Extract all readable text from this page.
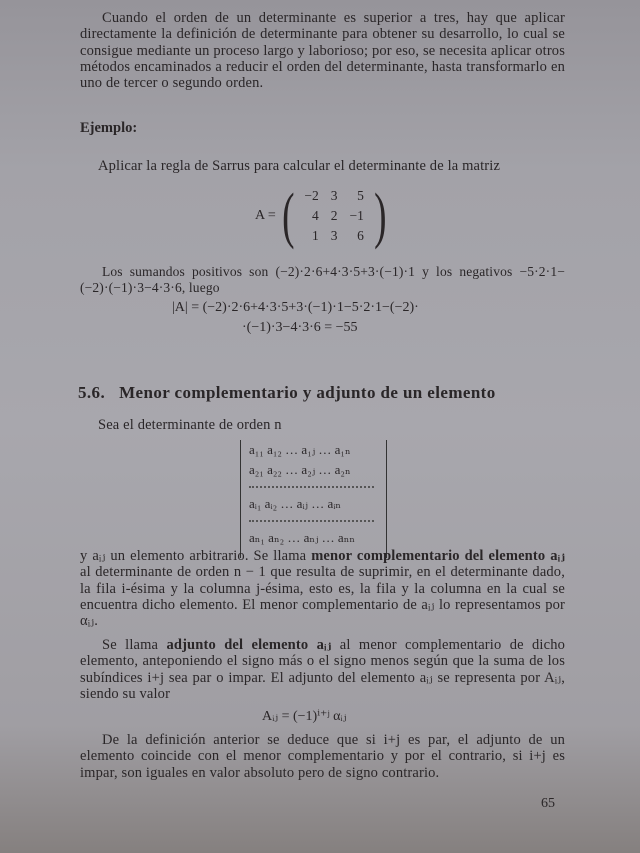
Cuando el orden de un determinante es superior a tres, hay que aplicar directamente la definición de determinante para obtener su desarrollo, lo cual se consigue mediante un proceso largo y laborioso; por eso, se necesita aplicar otros métodos encaminados a reducir el orden del determinante, hasta transformarlo en uno de tercer o segundo orden.
Ejemplo:
Aplicar la regla de Sarrus para calcular el determinante de la matriz
A = ( −2	3	5
4	2	−1
1	3	6 )
Los sumandos positivos son (−2)·2·6+4·3·5+3·(−1)·1 y los negativos −5·2·1−(−2)·(−1)·3−4·3·6, luego
|A| = (−2)·2·6+4·3·5+3·(−1)·1−5·2·1−(−2)·
·(−1)·3−4·3·6 = −55
5.6. Menor complementario y adjunto de un elemento
Sea el determinante de orden n
a₁₁ a₁₂ … a₁ⱼ … a₁ₙ
a₂₁ a₂₂ … a₂ⱼ … a₂ₙ
aᵢ₁ aᵢ₂ … aᵢⱼ … aᵢₙ
aₙ₁ aₙ₂ … aₙⱼ … aₙₙ
y aᵢⱼ un elemento arbitrario. Se llama menor complementario del elemento aᵢⱼ al determinante de orden n − 1 que resulta de suprimir, en el determinante dado, la fila i-ésima y la columna j-ésima, esto es, la fila y la columna en la cual se encuentra dicho elemento. El menor complementario de aᵢⱼ lo representamos por αᵢⱼ.
Se llama adjunto del elemento aᵢⱼ al menor complementario de dicho elemento, anteponiendo el signo más o el signo menos según que la suma de los subíndices i+j sea par o impar. El adjunto del elemento aᵢⱼ se representa por Aᵢⱼ, siendo su valor
Aᵢⱼ = (−1)ⁱ⁺ʲ αᵢⱼ
De la definición anterior se deduce que si i+j es par, el adjunto de un elemento coincide con el menor complementario y por el contrario, si i+j es impar, son iguales en valor absoluto pero de signo contrario.
65
